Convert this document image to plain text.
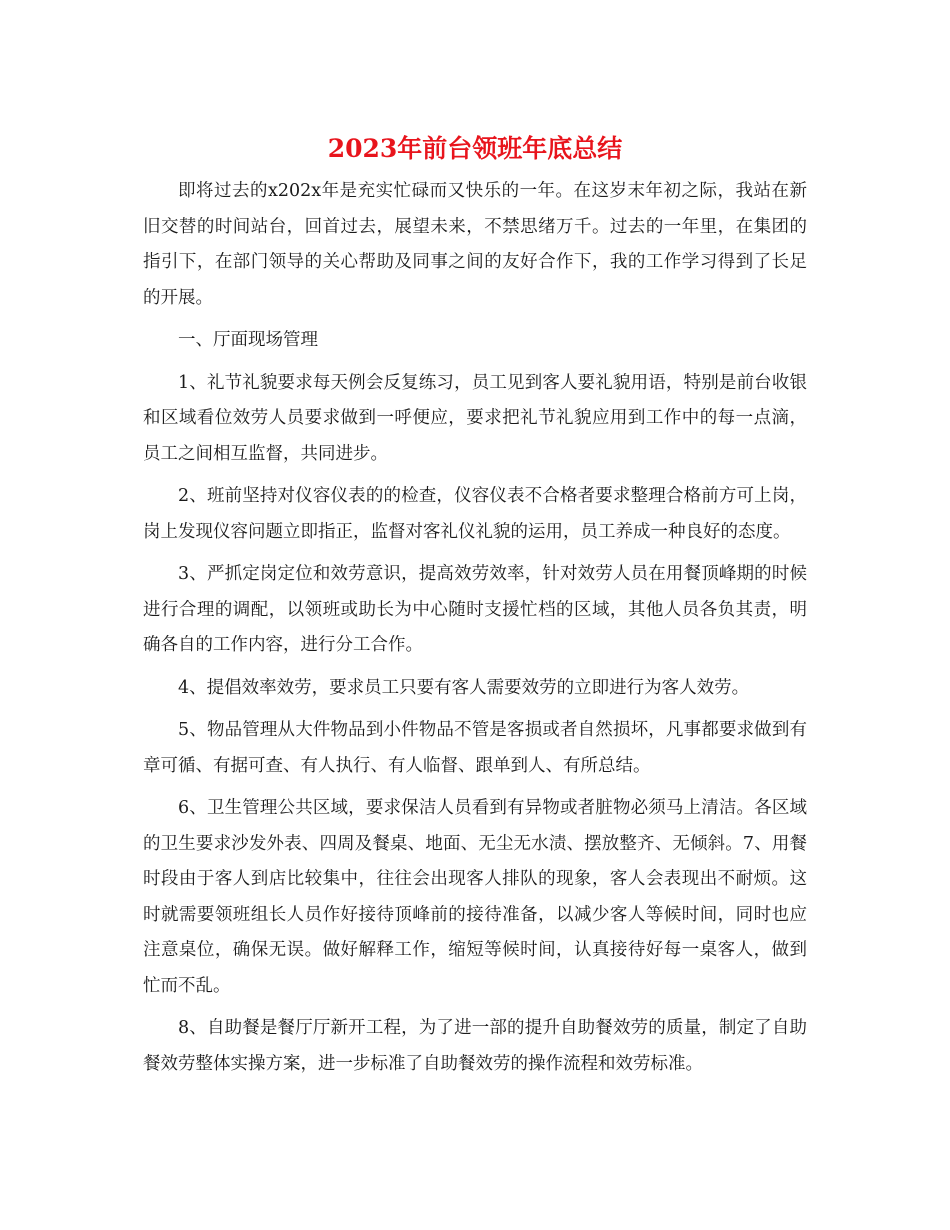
2023年前台领班年底总结

即将过去的x202x年是充实忙碌而又快乐的一年。在这岁末年初之际，我站在新旧交替的时间站台，回首过去，展望未来，不禁思绪万千。过去的一年里，在集团的指引下，在部门领导的关心帮助及同事之间的友好合作下，我的工作学习得到了长足的开展。

一、厅面现场管理

1、礼节礼貌要求每天例会反复练习，员工见到客人要礼貌用语，特别是前台收银和区域看位效劳人员要求做到一呼便应，要求把礼节礼貌应用到工作中的每一点滴，员工之间相互监督，共同进步。

2、班前坚持对仪容仪表的的检查，仪容仪表不合格者要求整理合格前方可上岗，岗上发现仪容问题立即指正，监督对客礼仪礼貌的运用，员工养成一种良好的态度。

3、严抓定岗定位和效劳意识，提高效劳效率，针对效劳人员在用餐顶峰期的时候进行合理的调配，以领班或助长为中心随时支援忙档的区域，其他人员各负其责，明确各自的工作内容，进行分工合作。

4、提倡效率效劳，要求员工只要有客人需要效劳的立即进行为客人效劳。

5、物品管理从大件物品到小件物品不管是客损或者自然损坏，凡事都要求做到有章可循、有据可查、有人执行、有人临督、跟单到人、有所总结。

6、卫生管理公共区域，要求保洁人员看到有异物或者脏物必须马上清洁。各区域的卫生要求沙发外表、四周及餐桌、地面、无尘无水渍、摆放整齐、无倾斜。7、用餐时段由于客人到店比较集中，往往会出现客人排队的现象，客人会表现出不耐烦。这时就需要领班组长人员作好接待顶峰前的接待准备，以减少客人等候时间，同时也应注意桌位，确保无误。做好解释工作，缩短等候时间，认真接待好每一桌客人，做到忙而不乱。

8、自助餐是餐厅厅新开工程，为了进一部的提升自助餐效劳的质量，制定了自助餐效劳整体实操方案，进一步标准了自助餐效劳的操作流程和效劳标准。
